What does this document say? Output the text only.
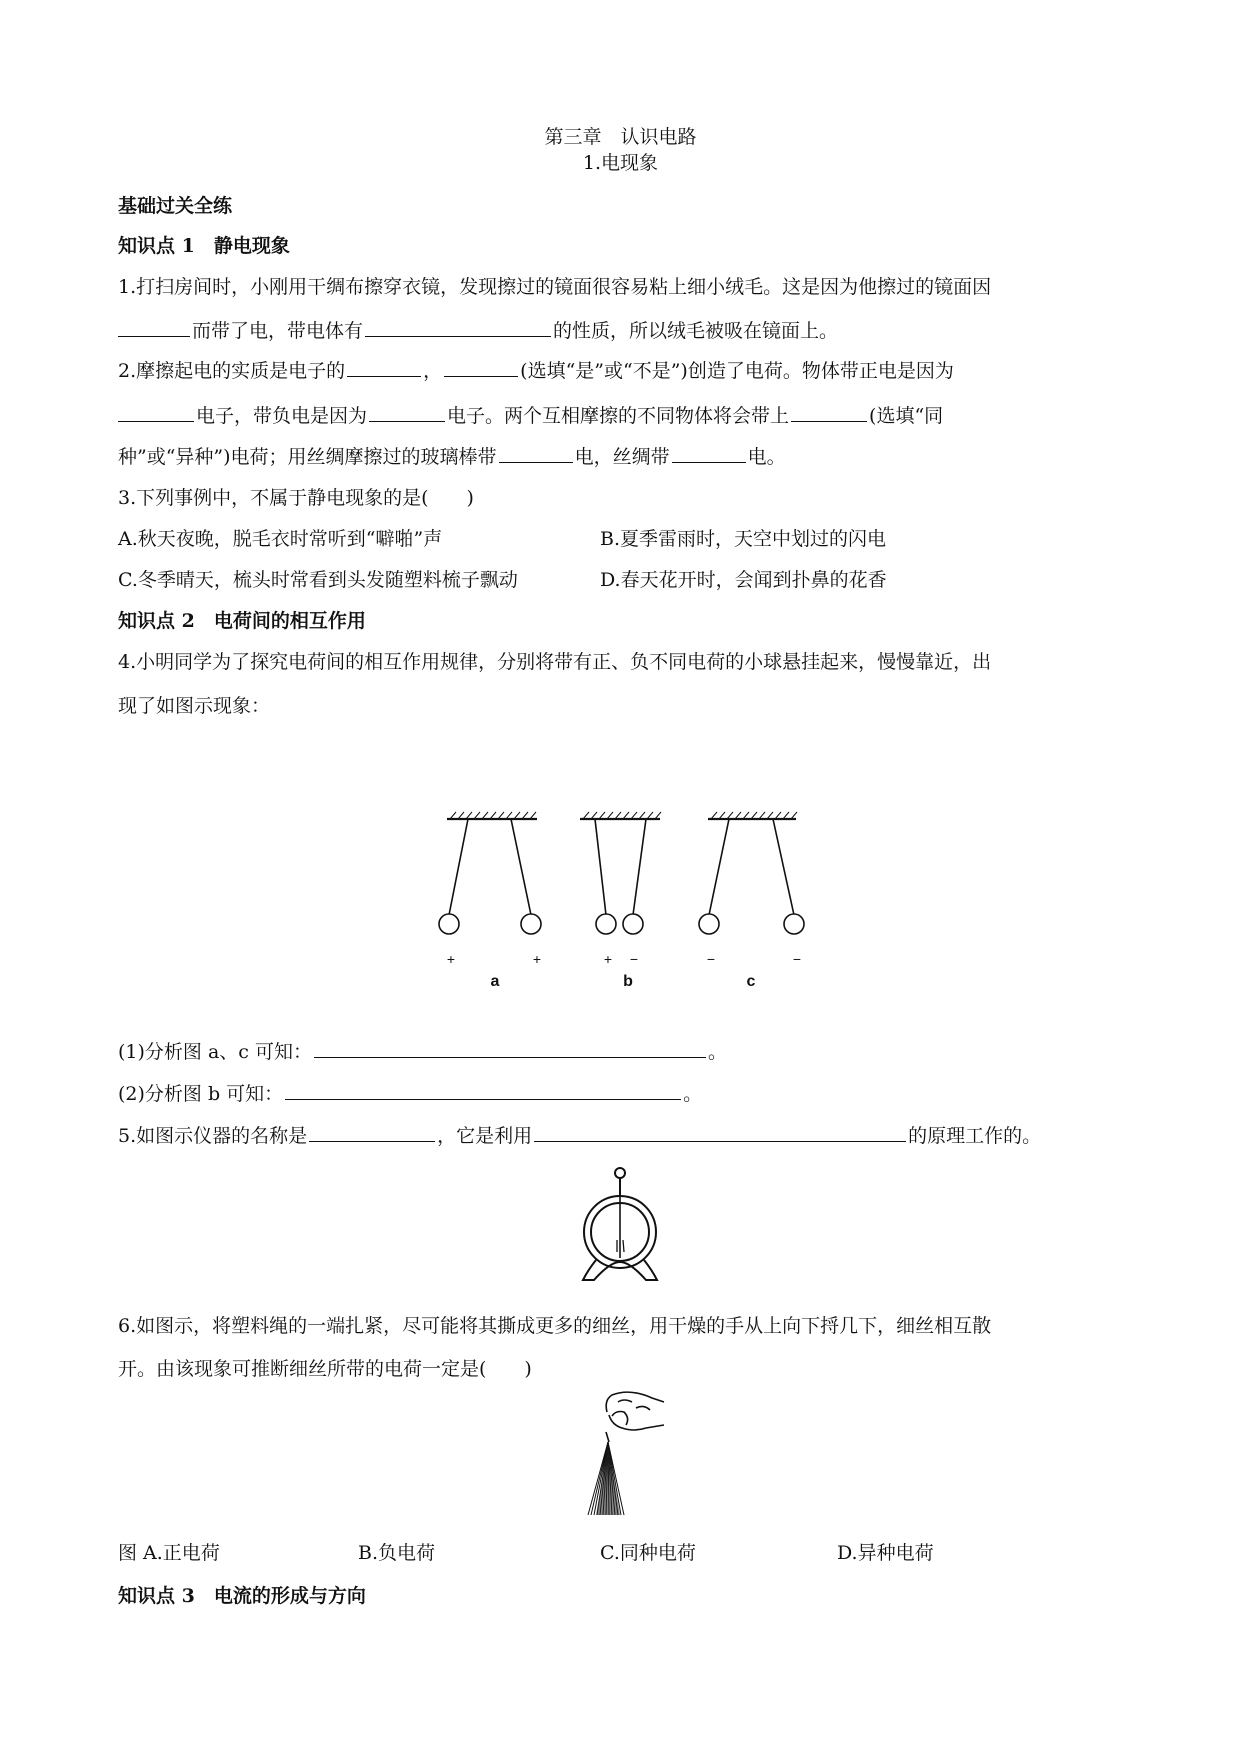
第三章　认识电路
1.电现象
基础过关全练
知识点 1　静电现象
1.打扫房间时，小刚用干绸布擦穿衣镜，发现擦过的镜面很容易粘上细小绒毛。这是因为他擦过的镜面因
而带了电，带电体有	的性质，所以绒毛被吸在镜面上。
2.摩擦起电的实质是电子的	，	(选填“是”或“不是”)创造了电荷。物体带正电是因为
电子，带负电是因为	电子。两个互相摩擦的不同物体将会带上	(选填“同
种”或“异种”)电荷；用丝绸摩擦过的玻璃棒带	电，丝绸带	电。
3.下列事例中，不属于静电现象的是(　　)
A.秋天夜晚，脱毛衣时常听到“噼啪”声	B.夏季雷雨时，天空中划过的闪电
C.冬季晴天，梳头时常看到头发随塑料梳子飘动	D.春天花开时，会闻到扑鼻的花香
知识点 2　电荷间的相互作用
4.小明同学为了探究电荷间的相互作用规律，分别将带有正、负不同电荷的小球悬挂起来，慢慢靠近，出
现了如图示现象：
+	+	+ −	−	−
a	b	c
(1)分析图 a、c 可知：	。
(2)分析图 b 可知：	。
5.如图示仪器的名称是	，它是利用	的原理工作的。
6.如图示，将塑料绳的一端扎紧，尽可能将其撕成更多的细丝，用干燥的手从上向下捋几下，细丝相互散
开。由该现象可推断细丝所带的电荷一定是(　　)
图 A.正电荷	B.负电荷	C.同种电荷	D.异种电荷
知识点 3　电流的形成与方向
